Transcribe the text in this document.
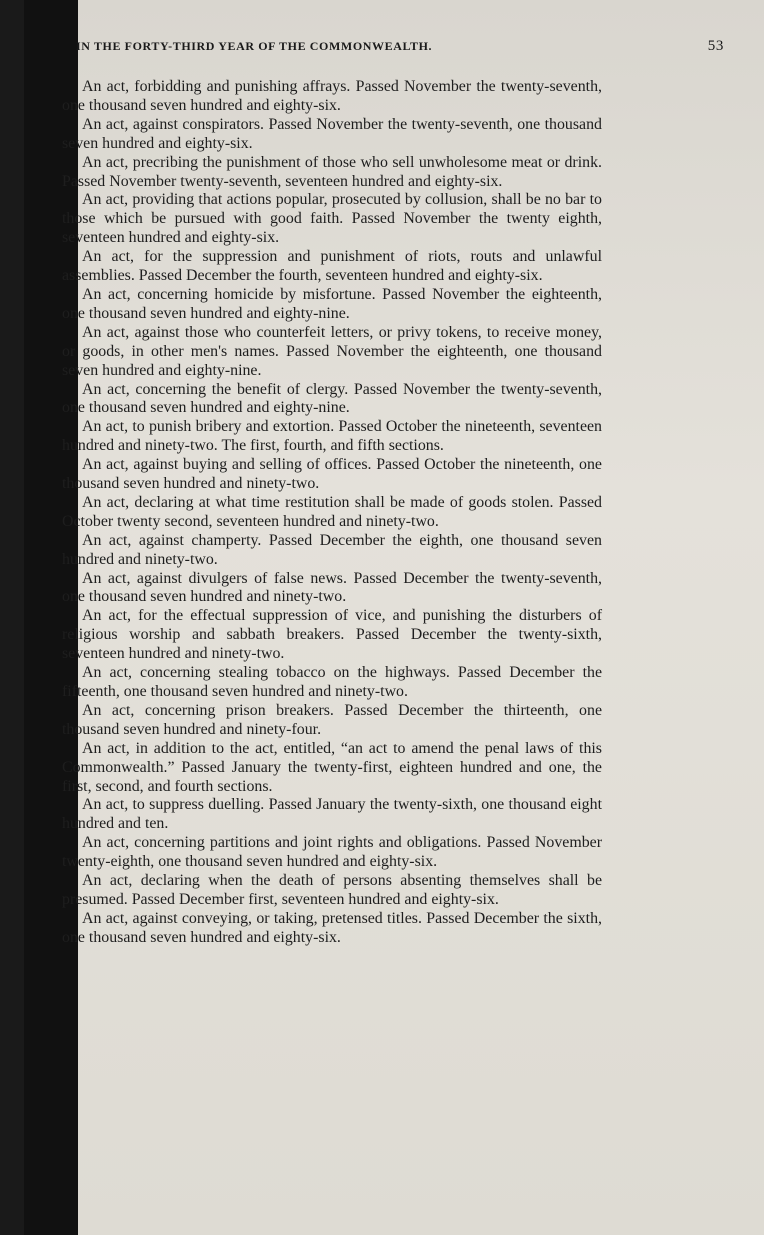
IN THE FORTY-THIRD YEAR OF THE COMMONWEALTH.	53

An act, forbidding and punishing affrays. Passed November the twenty-seventh, one thousand seven hundred and eighty-six.

An act, against conspirators. Passed November the twenty-seventh, one thousand seven hundred and eighty-six.

An act, precribing the punishment of those who sell unwholesome meat or drink. Passed November twenty-seventh, seventeen hundred and eighty-six.

An act, providing that actions popular, prosecuted by collusion, shall be no bar to those which be pursued with good faith. Passed November the twenty eighth, seventeen hundred and eighty-six.

An act, for the suppression and punishment of riots, routs and unlawful assemblies. Passed December the fourth, seventeen hundred and eighty-six.

An act, concerning homicide by misfortune. Passed November the eighteenth, one thousand seven hundred and eighty-nine.

An act, against those who counterfeit letters, or privy tokens, to receive money, or goods, in other men's names. Passed November the eighteenth, one thousand seven hundred and eighty-nine.

An act, concerning the benefit of clergy. Passed November the twenty-seventh, one thousand seven hundred and eighty-nine.

An act, to punish bribery and extortion. Passed October the nineteenth, seventeen hundred and ninety-two. The first, fourth, and fifth sections.

An act, against buying and selling of offices. Passed October the nineteenth, one thousand seven hundred and ninety-two.

An act, declaring at what time restitution shall be made of goods stolen. Passed October twenty second, seventeen hundred and ninety-two.

An act, against champerty. Passed December the eighth, one thousand seven hundred and ninety-two.

An act, against divulgers of false news. Passed December the twenty-seventh, one thousand seven hundred and ninety-two.

An act, for the effectual suppression of vice, and punishing the disturbers of religious worship and sabbath breakers. Passed December the twenty-sixth, seventeen hundred and ninety-two.

An act, concerning stealing tobacco on the highways. Passed December the fifteenth, one thousand seven hundred and ninety-two.

An act, concerning prison breakers. Passed December the thirteenth, one thousand seven hundred and ninety-four.

An act, in addition to the act, entitled, “an act to amend the penal laws of this Commonwealth.” Passed January the twenty-first, eighteen hundred and one, the first, second, and fourth sections.

An act, to suppress duelling. Passed January the twenty-sixth, one thousand eight hundred and ten.

An act, concerning partitions and joint rights and obligations. Passed November twenty-eighth, one thousand seven hundred and eighty-six.

An act, declaring when the death of persons absenting themselves shall be presumed. Passed December first, seventeen hundred and eighty-six.

An act, against conveying, or taking, pretensed titles. Passed December the sixth, one thousand seven hundred and eighty-six.
